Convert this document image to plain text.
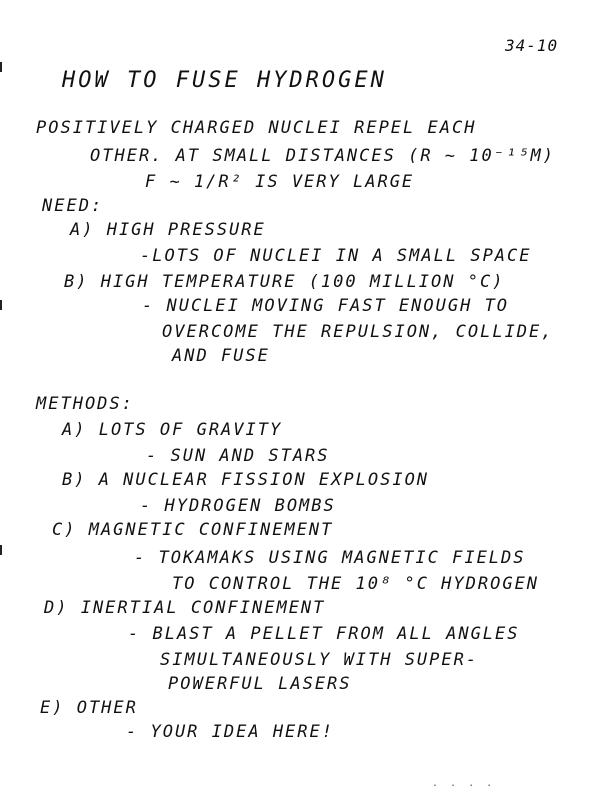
34-10
HOW TO FUSE HYDROGEN
POSITIVELY CHARGED NUCLEI REPEL EACH
OTHER. AT SMALL DISTANCES (R ~ 10⁻¹⁵M)
F ~ 1/R² IS VERY LARGE
NEED:
A) HIGH PRESSURE
-LOTS OF NUCLEI IN A SMALL SPACE
B) HIGH TEMPERATURE (100 MILLION °C)
- NUCLEI MOVING FAST ENOUGH TO
OVERCOME THE REPULSION, COLLIDE,
AND FUSE
METHODS:
A) LOTS OF GRAVITY
- SUN AND STARS
B) A NUCLEAR FISSION EXPLOSION
- HYDROGEN BOMBS
C) MAGNETIC CONFINEMENT
- TOKAMAKS USING MAGNETIC FIELDS
TO CONTROL THE 10⁸ °C HYDROGEN
D) INERTIAL CONFINEMENT
- BLAST A PELLET FROM ALL ANGLES
SIMULTANEOUSLY WITH SUPER-
POWERFUL LASERS
E) OTHER
- YOUR IDEA HERE!
. . . .
